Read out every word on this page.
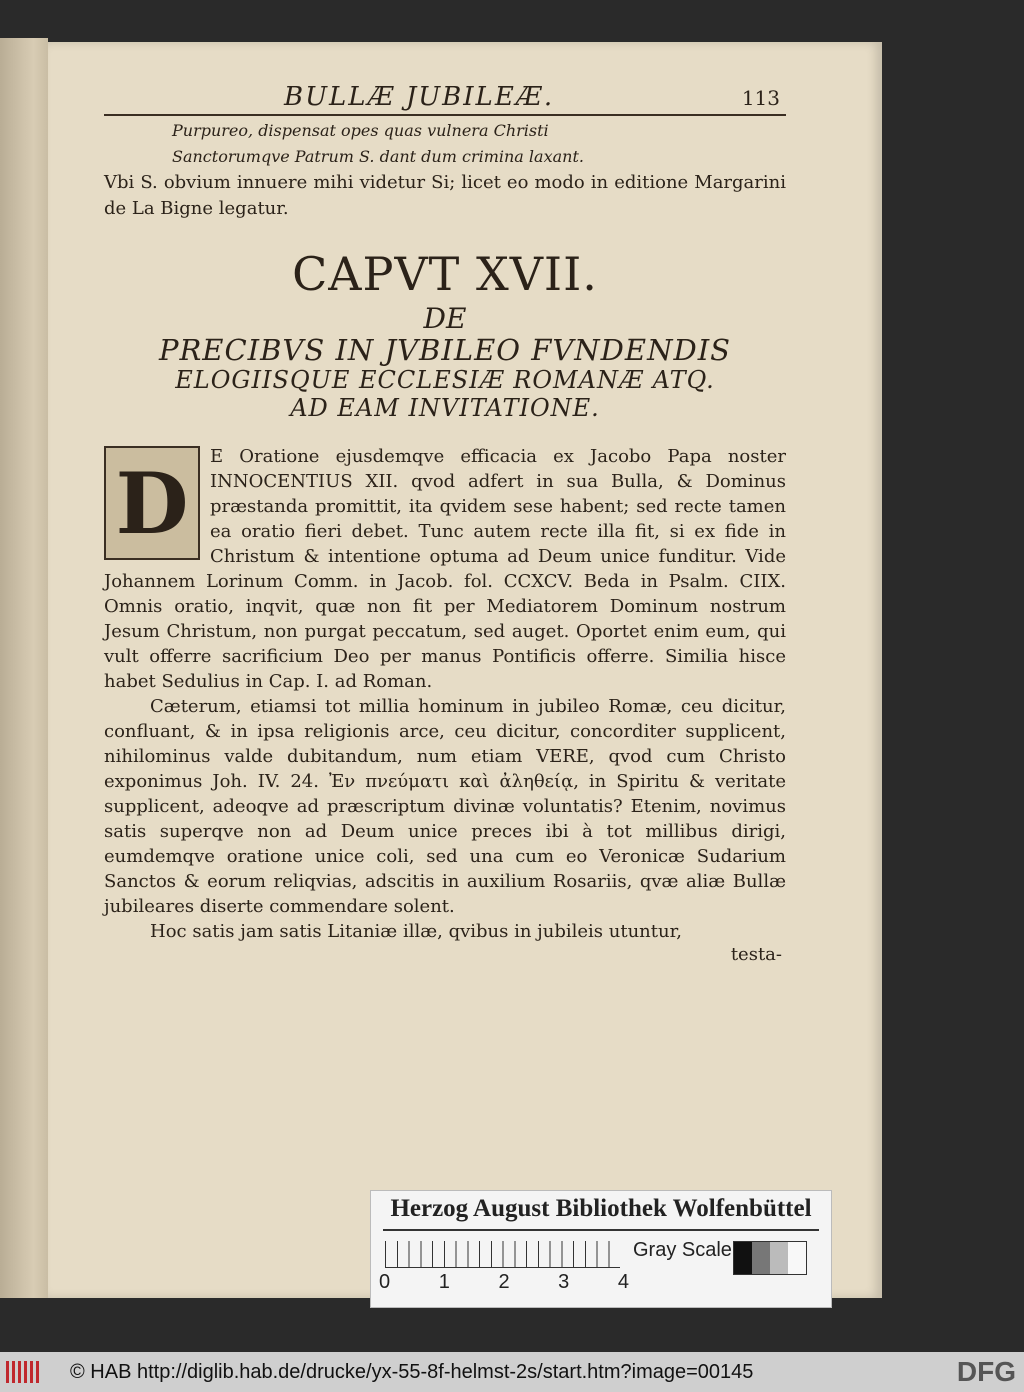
BULLÆ JUBILEÆ.	113
Purpureo, dispensat opes quas vulnera Christi
Sanctorumqve Patrum S. dant dum crimina laxant.

Vbi S. obvium innuere mihi videtur Si; licet eo modo in editione Margarini de La Bigne legatur.

CAPVT XVII.
DE
PRECIBVS IN JVBILEO FVNDENDIS
ELOGIISQUE ECCLESIÆ ROMANÆ ATQ.
AD EAM INVITATIONE.
D	E Oratione ejusdemqve efficacia ex Jacobo Papa noster INNOCENTIUS XII. qvod adfert in sua Bulla, & Dominus præstanda promittit, ita qvidem sese habent; sed recte tamen ea oratio fieri debet. Tunc autem recte illa fit, si ex fide in Christum & intentione optuma ad Deum unice funditur. Vide Johannem Lorinum Comm. in Jacob. fol. CCXCV. Beda in Psalm. CIIX. Omnis oratio, inqvit, quæ non fit per Mediatorem Dominum nostrum Jesum Christum, non purgat peccatum, sed auget. Oportet enim eum, qui vult offerre sacrificium Deo per manus Pontificis offerre. Similia hisce habet Sedulius in Cap. I. ad Roman.

Cæterum, etiamsi tot millia hominum in jubileo Romæ, ceu dicitur, confluant, & in ipsa religionis arce, ceu dicitur, concorditer supplicent, nihilominus valde dubitandum, num etiam VERE, qvod cum Christo exponimus Joh. IV. 24. Ἐν πνεύματι καὶ ἀληθείᾳ, in Spiritu & veritate supplicent, adeoqve ad præscriptum divinæ voluntatis? Etenim, novimus satis superqve non ad Deum unice preces ibi à tot millibus dirigi, eumdemqve oratione unice coli, sed una cum eo Veronicæ Sudarium Sanctos & eorum reliqvias, adscitis in auxilium Rosariis, qvæ aliæ Bullæ jubileares diserte commendare solent.

Hoc satis jam satis Litaniæ illæ, qvibus in jubileis utuntur,

testa-
Herzog August Bibliothek Wolfenbüttel
0 1 2 3 4
Gray Scale
© HAB http://diglib.hab.de/drucke/yx-55-8f-helmst-2s/start.htm?image=00145	DFG
